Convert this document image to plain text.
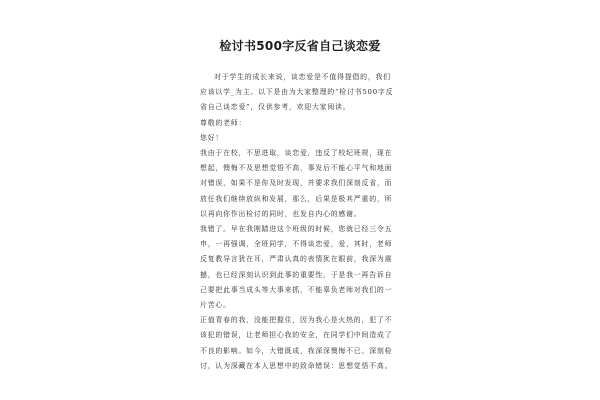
检讨书500字反省自己谈恋爱
对于学生的成长来说，谈恋爱是不值得提倡的，我们
应该以学_为主。以下是由为大家整理的“检讨书500字反
省自己谈恋爱”，仅供参考，欢迎大家阅读。
尊敬的老师：
您好！
我由于在校，不思进取，谈恋爱，违反了校纪班规，现在
想起，懊悔不及思想觉悟不高，事发后不能心平气和地面
对错误，如果不是你及时发现，并要求我们深刻反省，而
放任我们继续放纵和发展，那么，后果是极其严重的，所
以再向你作出检讨的同时，也发自内心的感谢。
我错了。早在我刚踏进这个班级的时候，您就已经三令五
申，一再强调，全班同学，不得谈恋爱，爱，其时，老师
反复教导言犹在耳，严肃认真的表情犹在眼前，我深为震
撼，也已经深刻认识到此事的重要性，于是我一再告诉自
己要把此事当成头等大事来抓，不能辜负老师对我们的一
片苦心。
正值青春的我，没能把握住，因为我心是火热的，犯了不
该犯的错误，让老师担心我的安全，在同学们中间造成了
不良的影响。如今，大错既成，我深深懊悔不已。深刻检
讨，认为深藏在本人思想中的致命错误：思想觉悟不高。
